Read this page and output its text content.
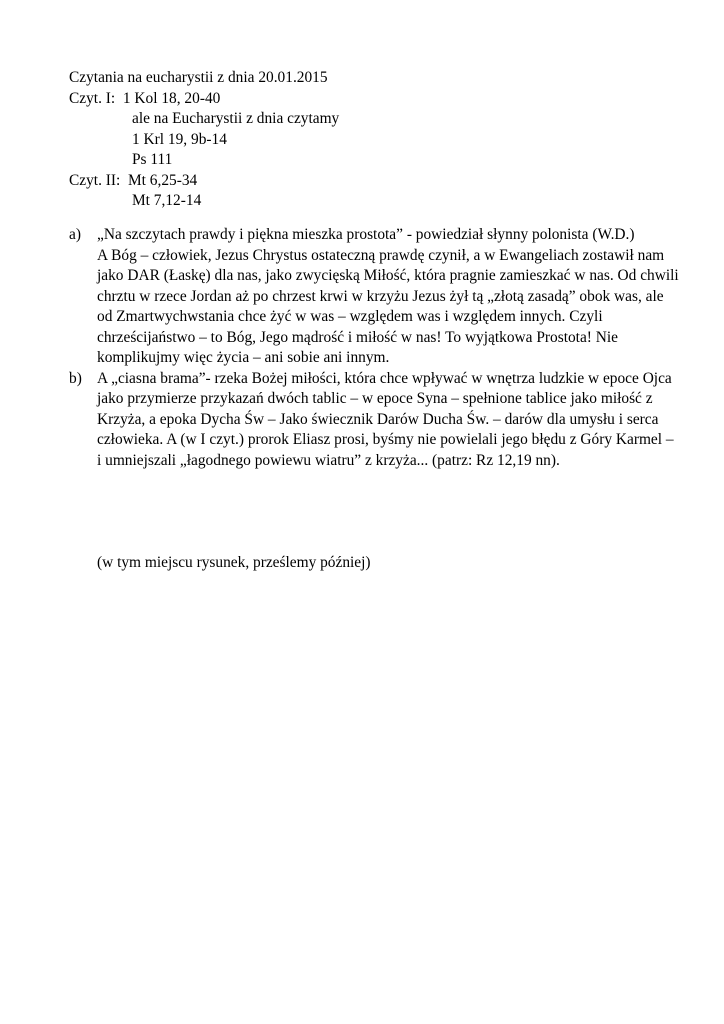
Czytania na eucharystii z dnia 20.01.2015

Czyt. I:  1 Kol 18, 20-40

ale na Eucharystii z dnia czytamy

1 Krl 19, 9b-14

Ps 111

Czyt. II:  Mt 6,25-34

Mt 7,12-14

a) „Na szczytach prawdy i piękna mieszka prostota” - powiedział słynny polonista (W.D.)

A Bóg – człowiek, Jezus Chrystus ostateczną prawdę czynił, a w Ewangeliach zostawił nam jako DAR (Łaskę) dla nas, jako zwycięską Miłość, która pragnie zamieszkać w nas. Od chwili chrztu w rzece Jordan aż po chrzest krwi w krzyżu Jezus żył tą „złotą zasadą” obok was, ale od Zmartwychwstania chce żyć w was – względem was i względem innych. Czyli chrześcijaństwo – to Bóg, Jego mądrość i miłość w nas! To wyjątkowa Prostota! Nie komplikujmy więc życia – ani sobie ani innym.

b) A „ciasna brama”- rzeka Bożej miłości, która chce wpływać w wnętrza ludzkie w epoce Ojca jako przymierze przykazań dwóch tablic – w epoce Syna – spełnione tablice jako miłość z Krzyża, a epoka Dycha Św – Jako świecznik Darów Ducha Św. – darów dla umysłu i serca człowieka. A (w I czyt.) prorok Eliasz prosi, byśmy nie powielali jego błędu z Góry Karmel – i umniejszali „łagodnego powiewu wiatru” z krzyża... (patrz: Rz 12,19 nn).

(w tym miejscu rysunek, prześlemy później)
